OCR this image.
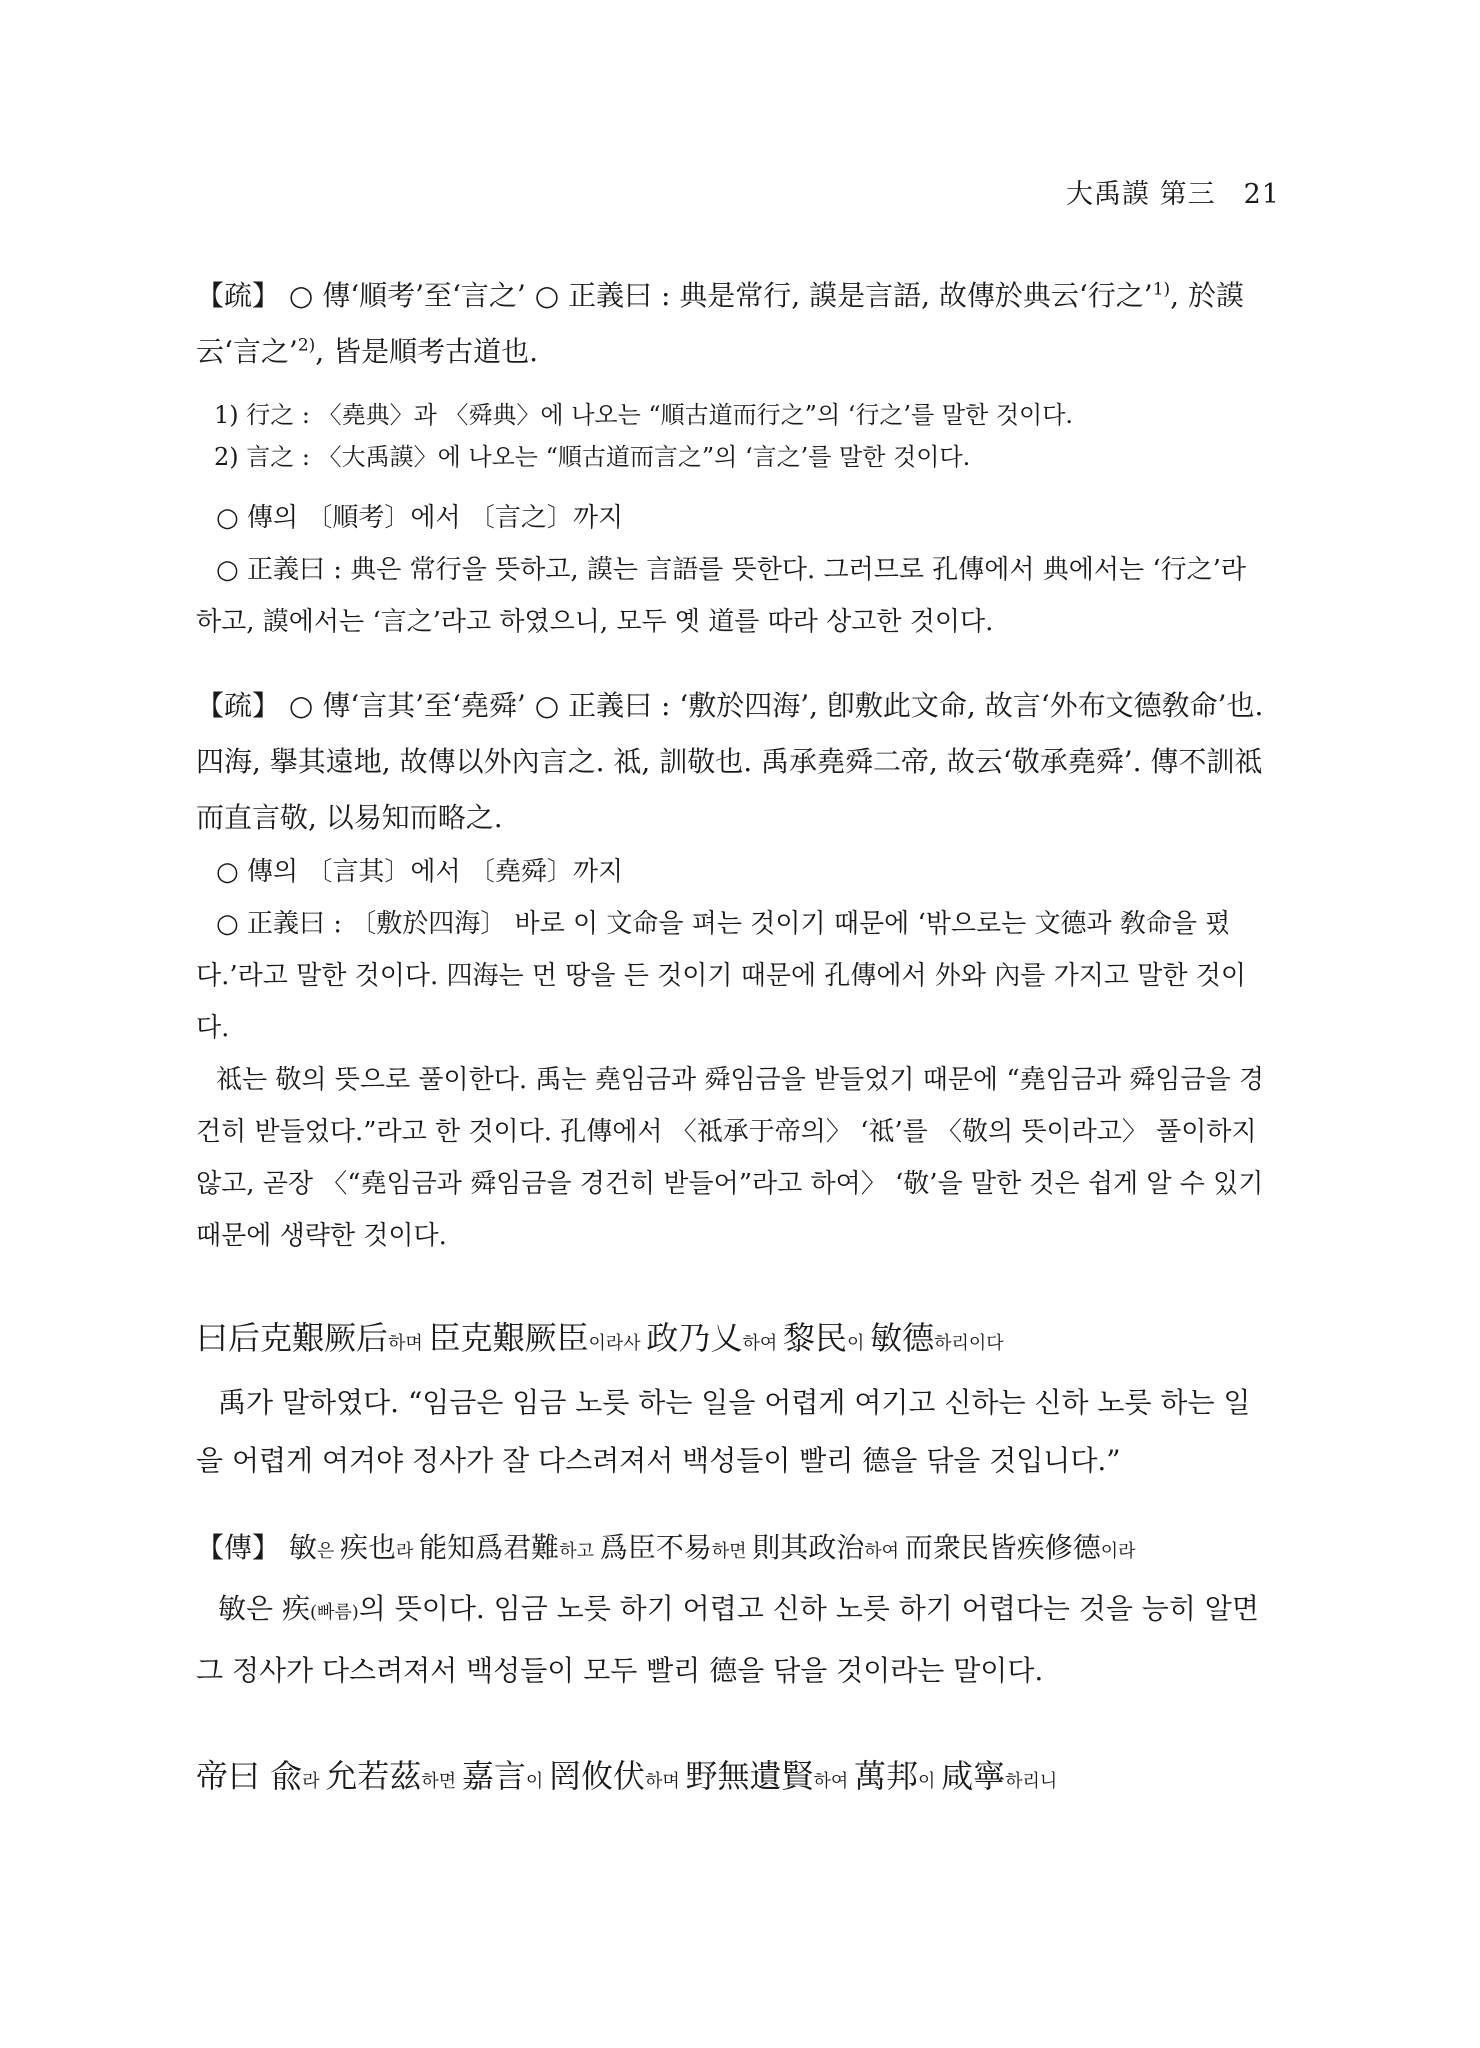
大禹謨 第三　21

【疏】 ○ 傳‘順考’至‘言之’ ○ 正義曰 : 典是常行, 謨是言語, 故傳於典云‘行之’$^{1)}$, 於謨云‘言之’$^{2)}$, 皆是順考古道也.

1) 行之 : 〈堯典〉과 〈舜典〉에 나오는 “順古道而行之”의 ‘行之’를 말한 것이다.

2) 言之 : 〈大禹謨〉에 나오는 “順古道而言之”의 ‘言之’를 말한 것이다.

○ 傳의 〔順考〕에서 〔言之〕까지

○ 正義曰 : 典은 常行을 뜻하고, 謨는 言語를 뜻한다. 그러므로 孔傳에서 典에서는 ‘行之’라 하고, 謨에서는 ‘言之’라고 하였으니, 모두 옛 道를 따라 상고한 것이다.

【疏】 ○ 傳‘言其’至‘堯舜’ ○ 正義曰 : ‘敷於四海’, 卽敷此文命, 故言‘外布文德敎命’也. 四海, 擧其遠地, 故傳以外內言之. 祗, 訓敬也. 禹承堯舜二帝, 故云‘敬承堯舜’. 傳不訓祗而直言敬, 以易知而略之.

○ 傳의 〔言其〕에서 〔堯舜〕까지

○ 正義曰 : 〔敷於四海〕 바로 이 文命을 펴는 것이기 때문에 ‘밖으로는 文德과 敎命을 폈다.’라고 말한 것이다. 四海는 먼 땅을 든 것이기 때문에 孔傳에서 外와 內를 가지고 말한 것이다.

祗는 敬의 뜻으로 풀이한다. 禹는 堯임금과 舜임금을 받들었기 때문에 “堯임금과 舜임금을 경건히 받들었다.”라고 한 것이다. 孔傳에서 〈祗承于帝의〉 ‘祗’를 〈敬의 뜻이라고〉 풀이하지 않고, 곧장 〈“堯임금과 舜임금을 경건히 받들어”라고 하여〉 ‘敬’을 말한 것은 쉽게 알 수 있기 때문에 생략한 것이다.

曰后克艱厥后하며 臣克艱厥臣이라사 政乃乂하여 黎民이 敏德하리이다

禹가 말하였다. “임금은 임금 노릇 하는 일을 어렵게 여기고 신하는 신하 노릇 하는 일을 어렵게 여겨야 정사가 잘 다스려져서 백성들이 빨리 德을 닦을 것입니다.”

【傳】 敏은 疾也라 能知爲君難하고 爲臣不易하면 則其政治하여 而衆民皆疾修德이라

敏은 疾(빠름)의 뜻이다. 임금 노릇 하기 어렵고 신하 노릇 하기 어렵다는 것을 능히 알면 그 정사가 다스려져서 백성들이 모두 빨리 德을 닦을 것이라는 말이다.

帝曰 兪라 允若茲하면 嘉言이 罔攸伏하며 野無遺賢하여 萬邦이 咸寧하리니
